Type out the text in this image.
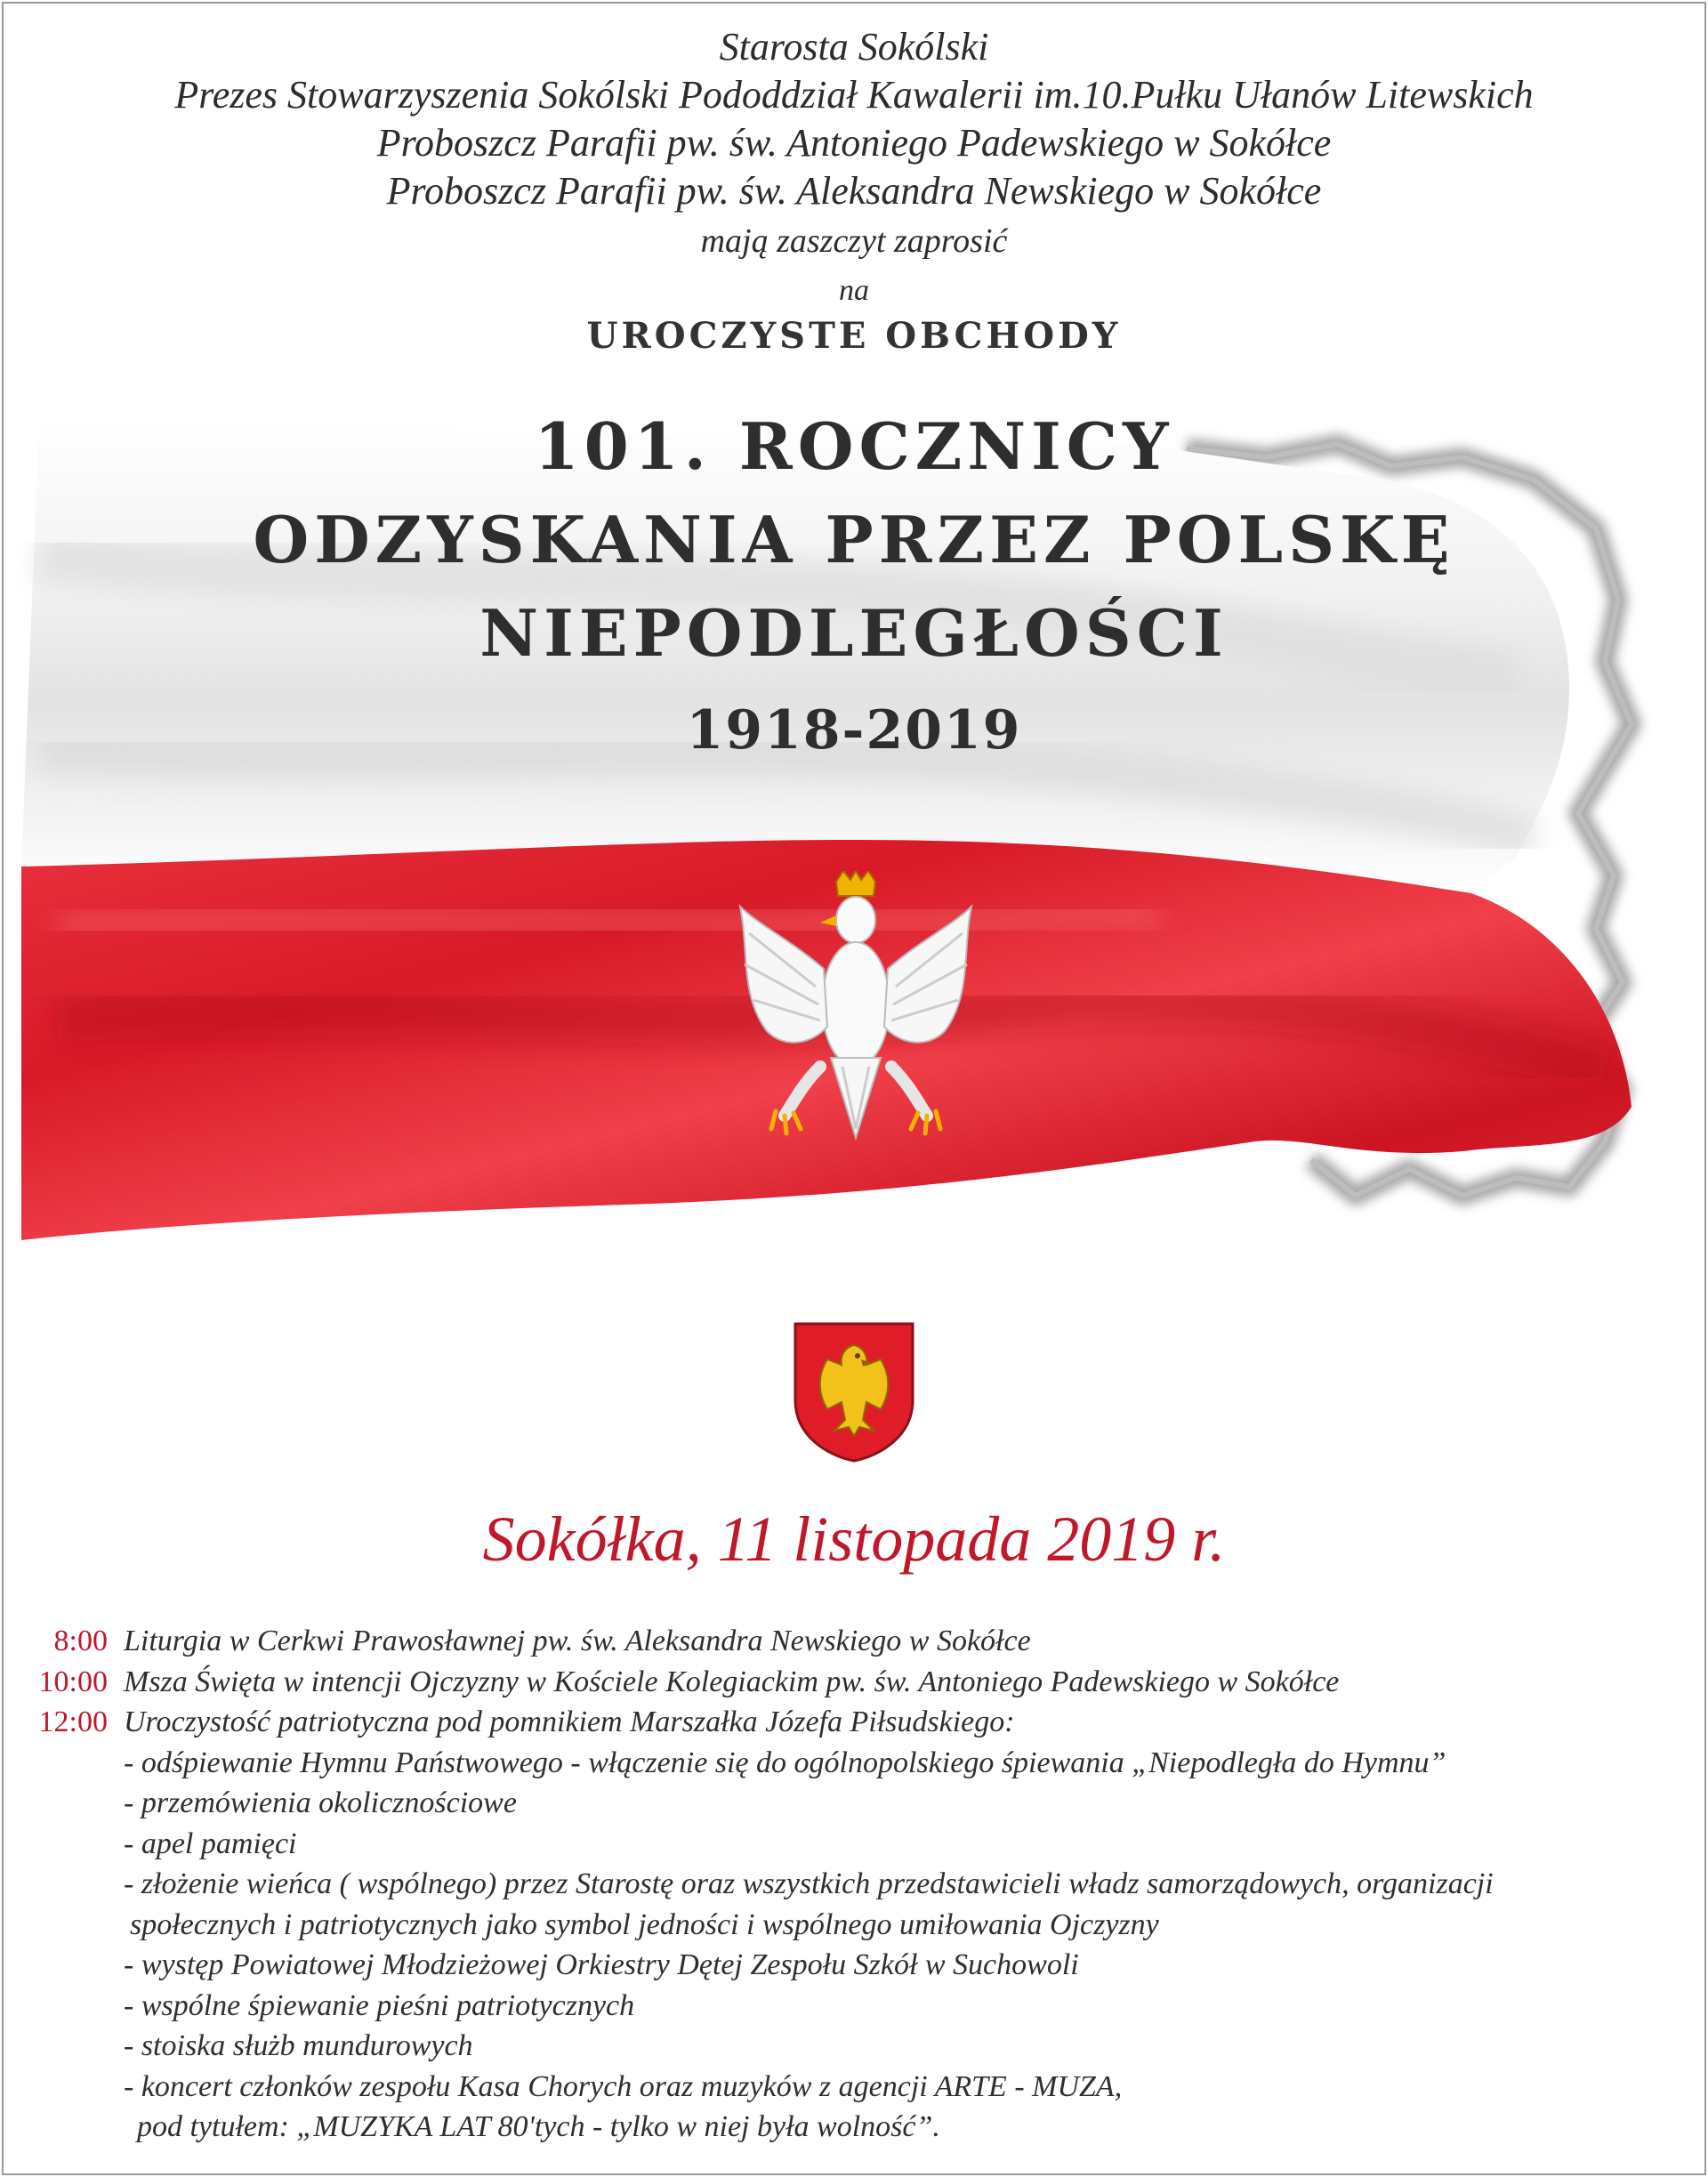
Starosta Sokólski
Prezes Stowarzyszenia Sokólski Pododdział Kawalerii im.10.Pułku Ułanów Litewskich
Proboszcz Parafii pw. św. Antoniego Padewskiego w Sokółce
Proboszcz Parafii pw. św. Aleksandra Newskiego w Sokółce
mają zaszczyt zaprosić
na
UROCZYSTE OBCHODY
101. ROCZNICY
ODZYSKANIA PRZEZ POLSKĘ
NIEPODLEGŁOŚCI
1918-2019
Sokółka, 11 listopada 2019 r.
8:00 Liturgia w Cerkwi Prawosławnej pw. św. Aleksandra Newskiego w Sokółce
10:00 Msza Święta w intencji Ojczyzny w Kościele Kolegiackim pw. św. Antoniego Padewskiego w Sokółce
12:00 Uroczystość patriotyczna pod pomnikiem Marszałka Józefa Piłsudskiego:
- odśpiewanie Hymnu Państwowego - włączenie się do ogólnopolskiego śpiewania „Niepodległa do Hymnu”
- przemówienia okolicznościowe
- apel pamięci
- złożenie wieńca ( wspólnego) przez Starostę oraz wszystkich przedstawicieli władz samorządowych, organizacji
społecznych i patriotycznych jako symbol jedności i wspólnego umiłowania Ojczyzny
- występ Powiatowej Młodzieżowej Orkiestry Dętej Zespołu Szkół w Suchowoli
- wspólne śpiewanie pieśni patriotycznych
- stoiska służb mundurowych
- koncert członków zespołu Kasa Chorych oraz muzyków z agencji ARTE - MUZA,
pod tytułem: „MUZYKA LAT 80'tych - tylko w niej była wolność”.
